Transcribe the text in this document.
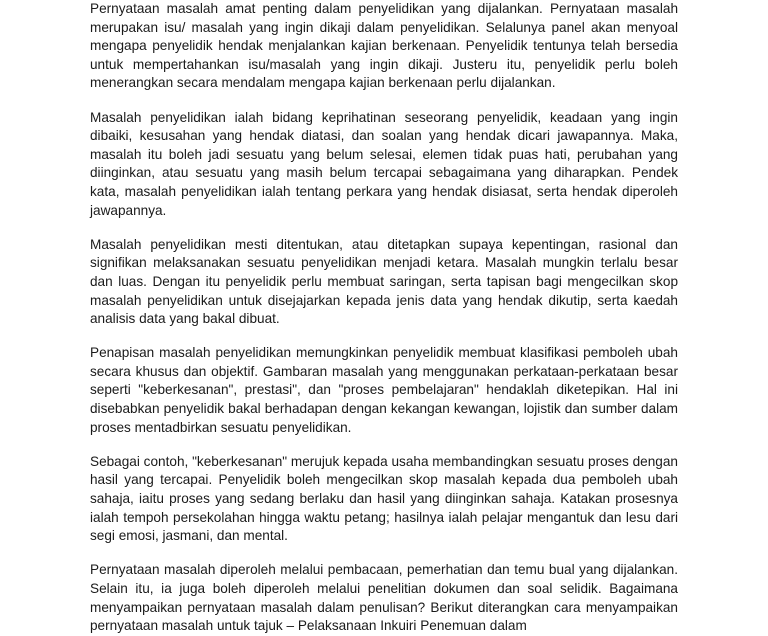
Pernyataan masalah amat penting dalam penyelidikan yang dijalankan. Pernyataan masalah merupakan isu/ masalah yang ingin dikaji dalam penyelidikan. Selalunya panel akan menyoal mengapa penyelidik hendak menjalankan kajian berkenaan. Penyelidik tentunya telah bersedia untuk mempertahankan isu/masalah yang ingin dikaji. Justeru itu, penyelidik perlu boleh menerangkan secara mendalam mengapa kajian berkenaan perlu dijalankan.

Masalah penyelidikan ialah bidang keprihatinan seseorang penyelidik, keadaan yang ingin dibaiki, kesusahan yang hendak diatasi, dan soalan yang hendak dicari jawapannya. Maka, masalah itu boleh jadi sesuatu yang belum selesai, elemen tidak puas hati, perubahan yang diinginkan, atau sesuatu yang masih belum tercapai sebagaimana yang diharapkan. Pendek kata, masalah penyelidikan ialah tentang perkara yang hendak disiasat, serta hendak diperoleh jawapannya.

Masalah penyelidikan mesti ditentukan, atau ditetapkan supaya kepentingan, rasional dan signifikan melaksanakan sesuatu penyelidikan menjadi ketara. Masalah mungkin terlalu besar dan luas. Dengan itu penyelidik perlu membuat saringan, serta tapisan bagi mengecilkan skop masalah penyelidikan untuk disejajarkan kepada jenis data yang hendak dikutip, serta kaedah analisis data yang bakal dibuat.

Penapisan masalah penyelidikan memungkinkan penyelidik membuat klasifikasi pemboleh ubah secara khusus dan objektif. Gambaran masalah yang menggunakan perkataan-perkataan besar seperti "keberkesanan", prestasi", dan "proses pembelajaran" hendaklah diketepikan. Hal ini disebabkan penyelidik bakal berhadapan dengan kekangan kewangan, lojistik dan sumber dalam proses mentadbirkan sesuatu penyelidikan.

Sebagai contoh, "keberkesanan" merujuk kepada usaha membandingkan sesuatu proses dengan hasil yang tercapai. Penyelidik boleh mengecilkan skop masalah kepada dua pemboleh ubah sahaja, iaitu proses yang sedang berlaku dan hasil yang diinginkan sahaja. Katakan prosesnya ialah tempoh persekolahan hingga waktu petang; hasilnya ialah pelajar mengantuk dan lesu dari segi emosi, jasmani, dan mental.

Pernyataan masalah diperoleh melalui pembacaan, pemerhatian dan temu bual yang dijalankan. Selain itu, ia juga boleh diperoleh melalui penelitian dokumen dan soal selidik. Bagaimana menyampaikan pernyataan masalah dalam penulisan? Berikut diterangkan cara menyampaikan pernyataan masalah untuk tajuk – Pelaksanaan Inkuiri Penemuan dalam
